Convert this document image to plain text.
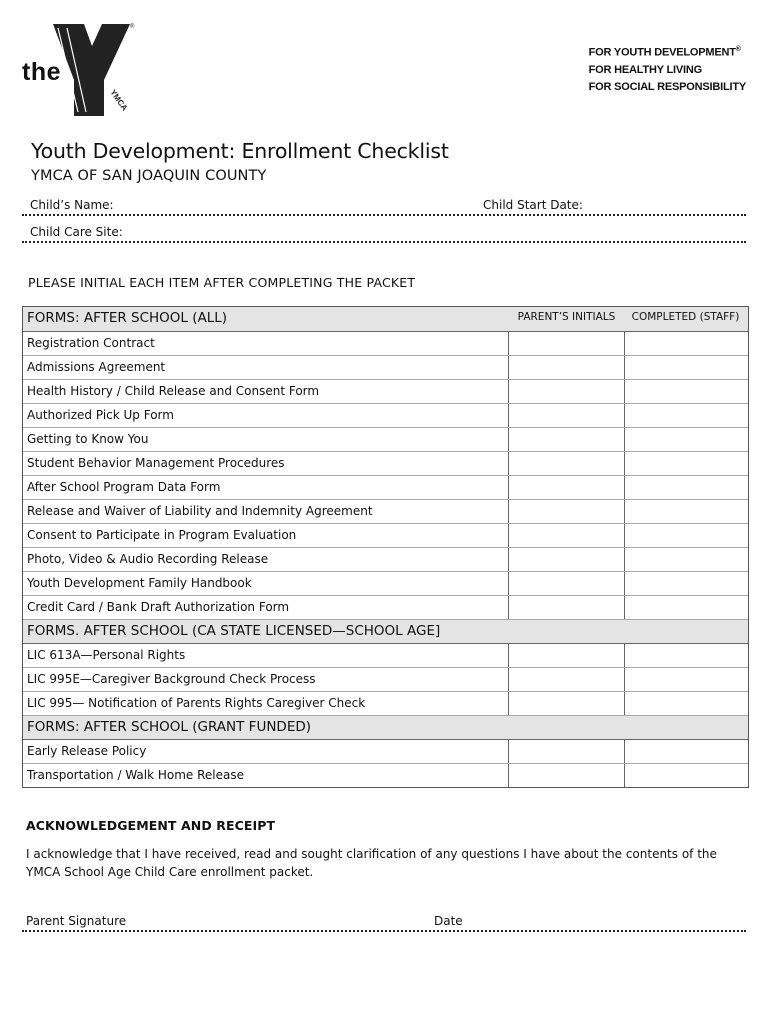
YMCA
®
the
FOR YOUTH DEVELOPMENT®
FOR HEALTHY LIVING
FOR SOCIAL RESPONSIBILITY
Youth Development: Enrollment Checklist
YMCA OF SAN JOAQUIN COUNTY
Child’s Name:	Child Start Date:
Child Care Site:
PLEASE INITIAL EACH ITEM AFTER COMPLETING THE PACKET
FORMS: AFTER SCHOOL (ALL)	PARENT’S INITIALS	COMPLETED (STAFF)
Registration Contract
Admissions Agreement
Health History / Child Release and Consent Form
Authorized Pick Up Form
Getting to Know You
Student Behavior Management Procedures
After School Program Data Form
Release and Waiver of Liability and Indemnity Agreement
Consent to Participate in Program Evaluation
Photo, Video & Audio Recording Release
Youth Development Family Handbook
Credit Card / Bank Draft Authorization Form
FORMS. AFTER SCHOOL (CA STATE LICENSED—SCHOOL AGE]
LIC 613A—Personal Rights
LIC 995E—Caregiver Background Check Process
LIC 995— Notification of Parents Rights Caregiver Check
FORMS: AFTER SCHOOL (GRANT FUNDED)
Early Release Policy
Transportation / Walk Home Release
ACKNOWLEDGEMENT AND RECEIPT
I acknowledge that I have received, read and sought clarification of any questions I have about the contents of the YMCA School Age Child Care enrollment packet.
Parent Signature	Date
